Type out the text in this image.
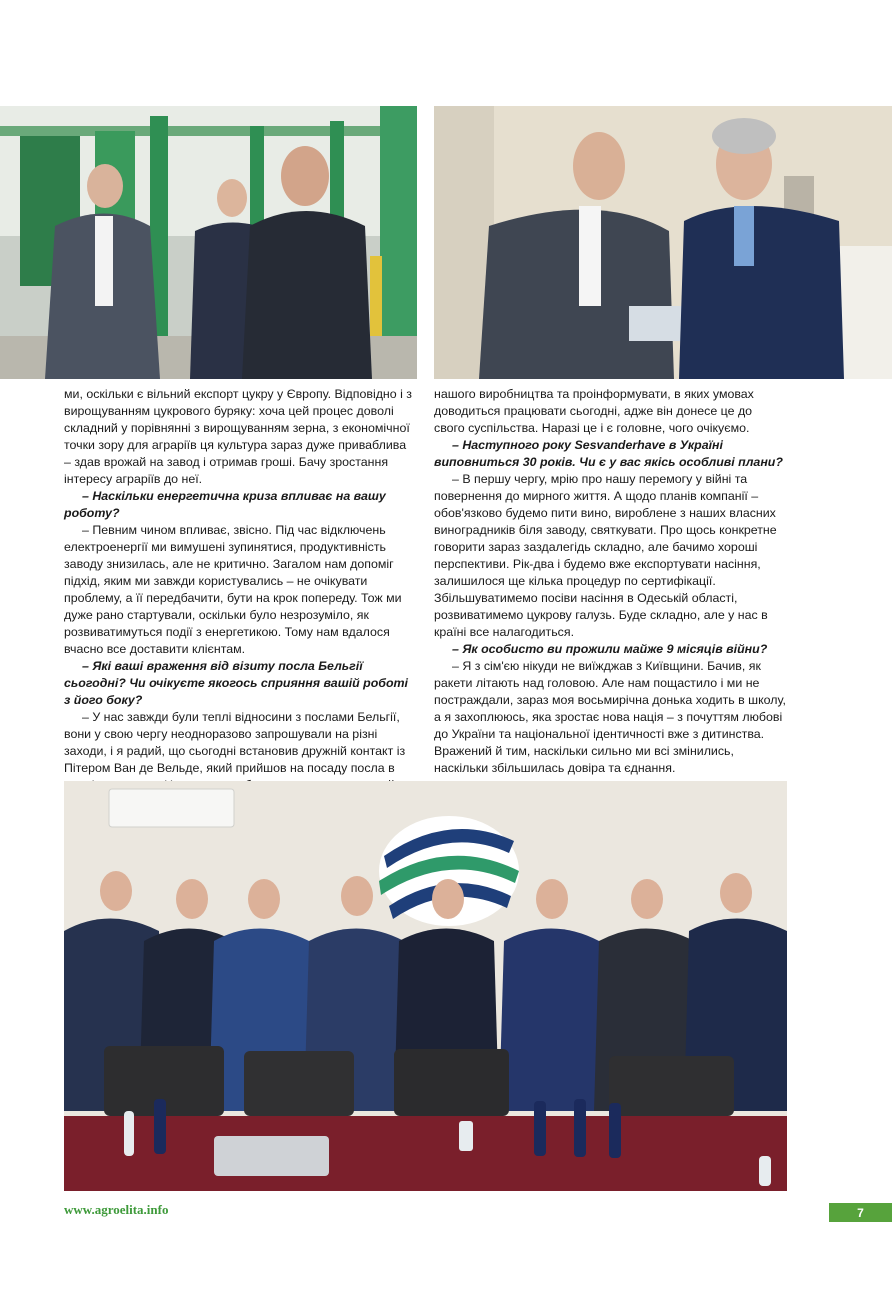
ми, оскільки є вільний експорт цукру у Європу. Відповідно і з вирощуванням цукрового буряку: хоча цей процес доволі складний у порівнянні з вирощуванням зерна, з економічної точки зору для аграріїв ця культура зараз дуже приваблива – здав врожай на завод і отримав гроші. Бачу зростання інтересу аграріїв до неї.

– Наскільки енергетична криза впливає на вашу роботу?

– Певним чином впливає, звісно. Під час відключень електроенергії ми вимушені зупинятися, продуктивність заводу знизилась, але не критично. Загалом нам допоміг підхід, яким ми завжди користувались – не очікувати проблему, а її передбачити, бути на крок попереду. Тож ми дуже рано стартували, оскільки було незрозуміло, як розвиватимуться події з енергетикою. Тому нам вдалося вчасно все доставити клієнтам.

– Які ваші враження від візиту посла Бельгії сьогодні? Чи очікуєте якогось сприяння вашій роботі з його боку?

– У нас завжди були теплі відносини з послами Бельгії, вони у свою чергу неодноразово запрошували на різні заходи, і я радий, що сьогодні встановив дружній контакт із Пітером Ван де Вельде, який прийшов на посаду посла в

нашого виробництва та проінформувати, в яких умовах доводиться працювати сьогодні, адже він донесе це до свого суспільства. Наразі це і є головне, чого очікуємо.

– Наступного року Sesvanderhave в Україні виповниться 30 років. Чи є у вас якісь особливі плани?

– В першу чергу, мрію про нашу перемогу у війні та повернення до мирного життя. А щодо планів компанії – обов'язково будемо пити вино, вироблене з наших власних виноградників біля заводу, святкувати. Про щось конкретне говорити зараз заздалегідь складно, але бачимо хороші перспективи. Рік-два і будемо вже експортувати насіння, залишилося ще кілька процедур по сертифікації. Збільшуватимемо посіви насіння в Одеській області, розвиватимемо цукрову галузь. Буде складно, але у нас в країні все налагодиться.

– Як особисто ви прожили майже 9 місяців війни?

– Я з сім'єю нікуди не виїжджав з Київщини. Бачив, як ракети літають над головою. Але нам пощастило і ми не постраждали, зараз моя восьмирічна донька ходить в школу, а я захоплююсь, яка зростає нова нація – з почуттям любові до України та національної ідентичності вже з дитинства. Вражений й тим, наскільки сильно ми всі змінились, наскільки збільшилась довіра та єднання.

www.agroelita.info	7
